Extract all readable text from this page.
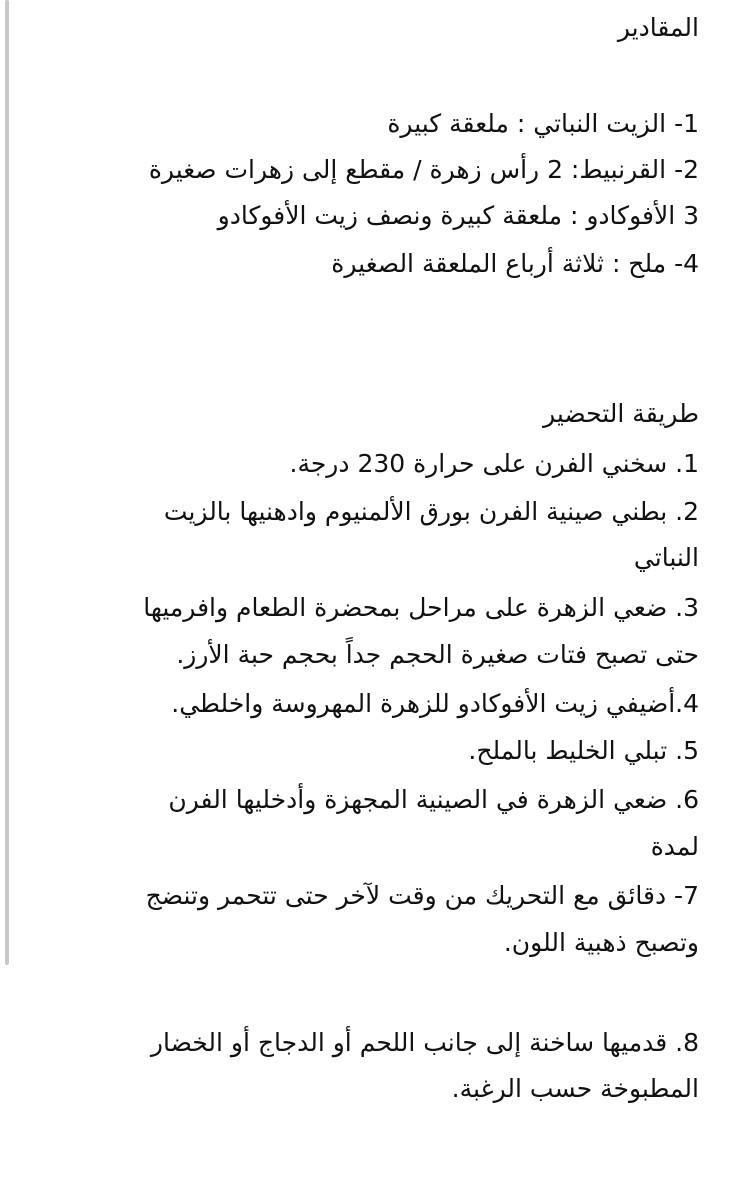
المقادير
1- الزيت النباتي : ملعقة كبيرة
2- القرنبيط: 2 رأس زهرة / مقطع إلى زهرات صغيرة
3 الأفوكادو : ملعقة كبيرة ونصف زيت الأفوكادو
4- ملح : ثلاثة أرباع الملعقة الصغيرة
طريقة التحضير
1. سخني الفرن على حرارة 230 درجة.
2. بطني صينية الفرن بورق الألمنيوم وادهنيها بالزيت
النباتي
3. ضعي الزهرة على مراحل بمحضرة الطعام وافرميها
حتى تصبح فتات صغيرة الحجم جداً بحجم حبة الأرز.
4.أضيفي زيت الأفوكادو للزهرة المهروسة واخلطي.
5. تبلي الخليط بالملح.
6. ضعي الزهرة في الصينية المجهزة وأدخليها الفرن
لمدة
7- دقائق مع التحريك من وقت لآخر حتى تتحمر وتنضج
وتصبح ذهبية اللون.
8. قدميها ساخنة إلى جانب اللحم أو الدجاج أو الخضار
المطبوخة حسب الرغبة.
